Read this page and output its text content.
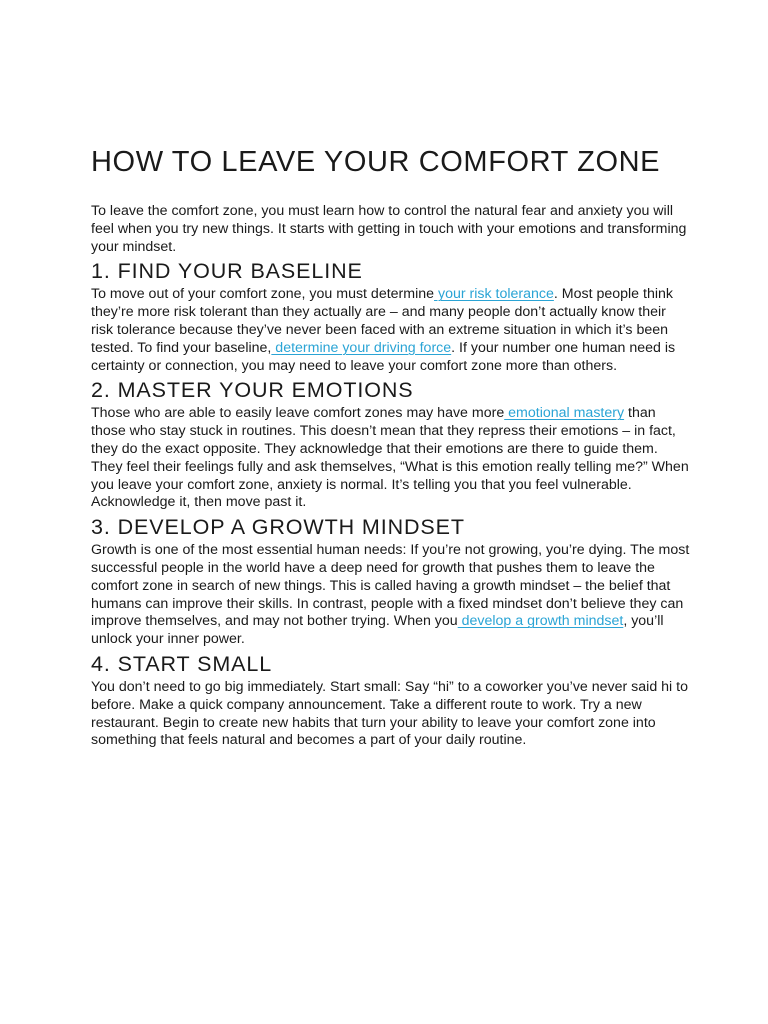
HOW TO LEAVE YOUR COMFORT ZONE

To leave the comfort zone, you must learn how to control the natural fear and anxiety you will feel when you try new things. It starts with getting in touch with your emotions and transforming your mindset.

1. FIND YOUR BASELINE

To move out of your comfort zone, you must determine your risk tolerance. Most people think they’re more risk tolerant than they actually are – and many people don’t actually know their risk tolerance because they’ve never been faced with an extreme situation in which it’s been tested. To find your baseline, determine your driving force. If your number one human need is certainty or connection, you may need to leave your comfort zone more than others.

2. MASTER YOUR EMOTIONS

Those who are able to easily leave comfort zones may have more emotional mastery than those who stay stuck in routines. This doesn’t mean that they repress their emotions – in fact, they do the exact opposite. They acknowledge that their emotions are there to guide them. They feel their feelings fully and ask themselves, “What is this emotion really telling me?” When you leave your comfort zone, anxiety is normal. It’s telling you that you feel vulnerable. Acknowledge it, then move past it.

3. DEVELOP A GROWTH MINDSET

Growth is one of the most essential human needs: If you’re not growing, you’re dying. The most successful people in the world have a deep need for growth that pushes them to leave the comfort zone in search of new things. This is called having a growth mindset – the belief that humans can improve their skills. In contrast, people with a fixed mindset don’t believe they can improve themselves, and may not bother trying. When you develop a growth mindset, you’ll unlock your inner power.

4. START SMALL

You don’t need to go big immediately. Start small: Say “hi” to a coworker you’ve never said hi to before. Make a quick company announcement. Take a different route to work. Try a new restaurant. Begin to create new habits that turn your ability to leave your comfort zone into something that feels natural and becomes a part of your daily routine.
